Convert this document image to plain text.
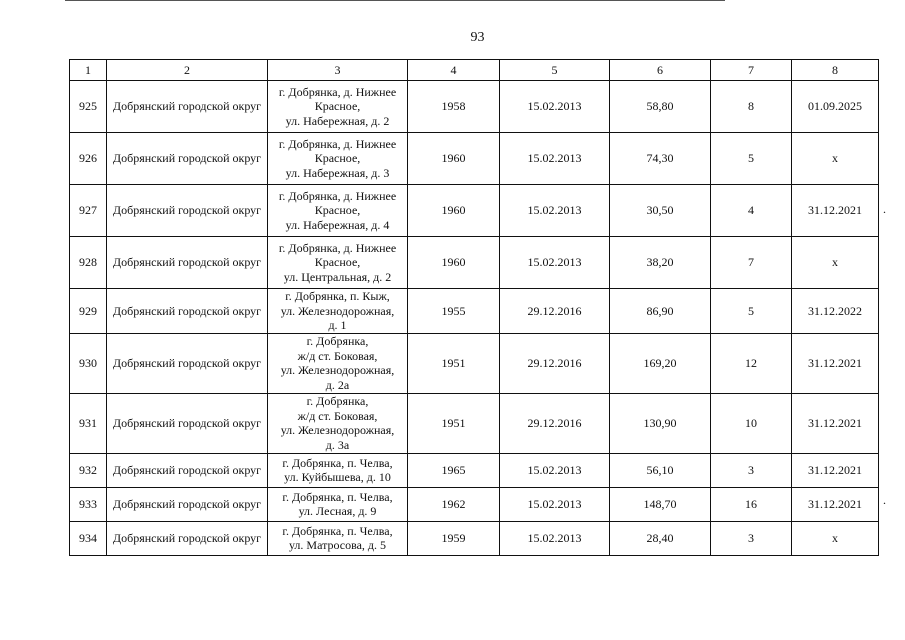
93
1	2	3	4	5	6	7	8
925	Добрянский городской округ	г. Добрянка, д. Нижнее
Красное,
ул. Набережная, д. 2	1958	15.02.2013	58,80	8	01.09.2025
926	Добрянский городской округ	г. Добрянка, д. Нижнее
Красное,
ул. Набережная, д. 3	1960	15.02.2013	74,30	5	х
927	Добрянский городской округ	г. Добрянка, д. Нижнее
Красное,
ул. Набережная, д. 4	1960	15.02.2013	30,50	4	31.12.2021
928	Добрянский городской округ	г. Добрянка, д. Нижнее
Красное,
ул. Центральная, д. 2	1960	15.02.2013	38,20	7	х
929	Добрянский городской округ	г. Добрянка, п. Кыж,
ул. Железнодорожная,
д. 1	1955	29.12.2016	86,90	5	31.12.2022
930	Добрянский городской округ	г. Добрянка,
ж/д ст. Боковая,
ул. Железнодорожная,
д. 2а	1951	29.12.2016	169,20	12	31.12.2021
931	Добрянский городской округ	г. Добрянка,
ж/д ст. Боковая,
ул. Железнодорожная,
д. 3а	1951	29.12.2016	130,90	10	31.12.2021
932	Добрянский городской округ	г. Добрянка, п. Челва,
ул. Куйбышева, д. 10	1965	15.02.2013	56,10	3	31.12.2021
933	Добрянский городской округ	г. Добрянка, п. Челва,
ул. Лесная, д. 9	1962	15.02.2013	148,70	16	31.12.2021
934	Добрянский городской округ	г. Добрянка, п. Челва,
ул. Матросова, д. 5	1959	15.02.2013	28,40	3	х
.
.
